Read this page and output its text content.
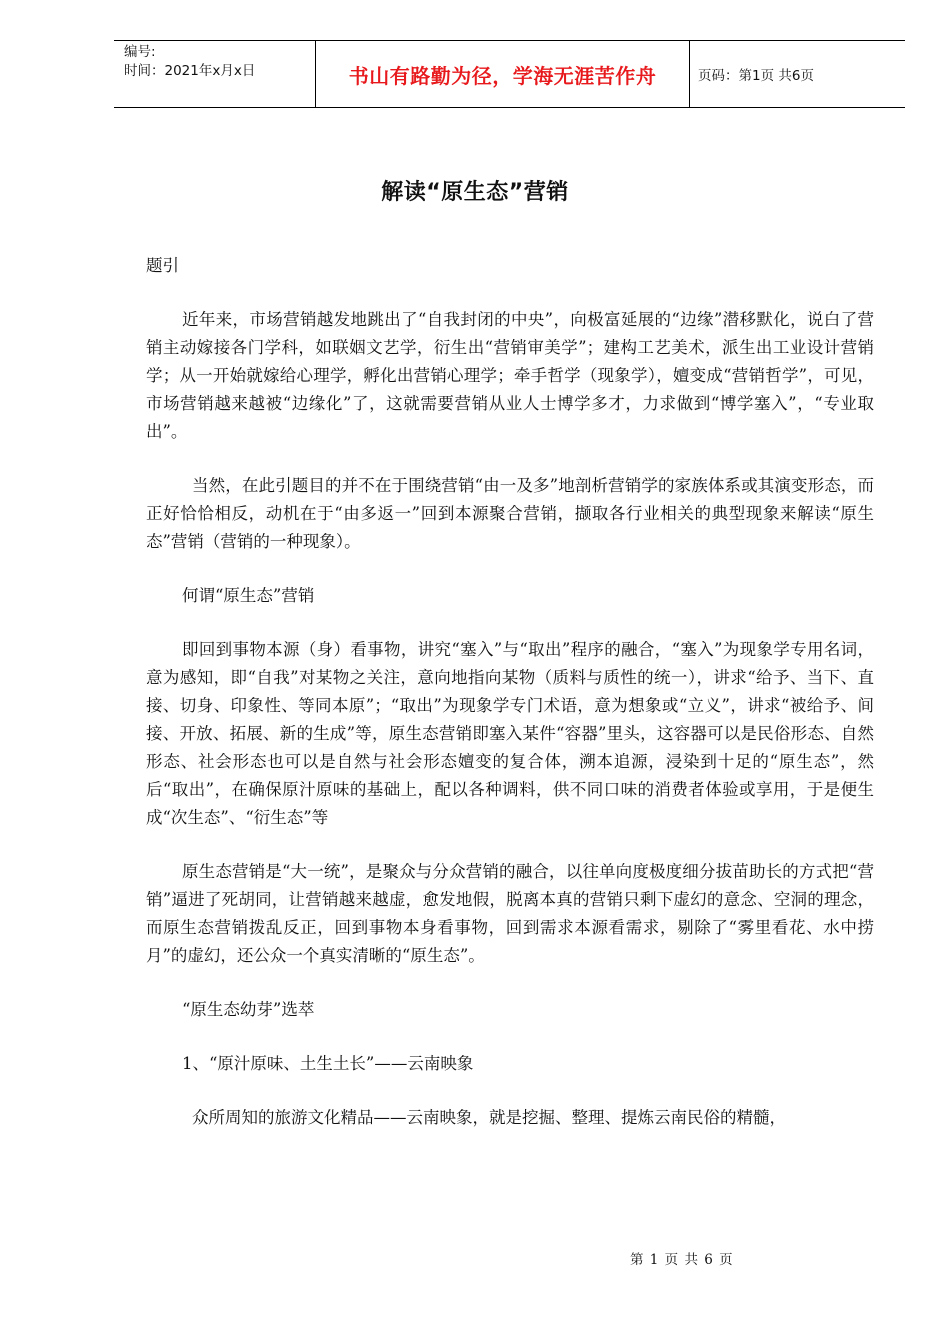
编号:
时间：2021年x月x日	书山有路勤为径，学海无涯苦作舟	页码：第1页 共6页
解读“原生态”营销

题引

近年来，市场营销越发地跳出了“自我封闭的中央”，向极富延展的“边缘”潜移默化，说白了营销主动嫁接各门学科，如联姻文艺学，衍生出“营销审美学”；建构工艺美术，派生出工业设计营销学；从一开始就嫁给心理学，孵化出营销心理学；牵手哲学（现象学），嬗变成“营销哲学”，可见，市场营销越来越被“边缘化”了，这就需要营销从业人士博学多才，力求做到“博学塞入”，“专业取出”。

当然，在此引题目的并不在于围绕营销“由一及多”地剖析营销学的家族体系或其演变形态，而正好恰恰相反，动机在于“由多返一”回到本源聚合营销，撷取各行业相关的典型现象来解读“原生态”营销（营销的一种现象）。

何谓“原生态”营销

即回到事物本源（身）看事物，讲究“塞入”与“取出”程序的融合，“塞入”为现象学专用名词，意为感知，即“自我”对某物之关注，意向地指向某物（质料与质性的统一），讲求“给予、当下、直接、切身、印象性、等同本原”；“取出”为现象学专门术语，意为想象或“立义”，讲求“被给予、间接、开放、拓展、新的生成”等，原生态营销即塞入某件“容器”里头，这容器可以是民俗形态、自然形态、社会形态也可以是自然与社会形态嬗变的复合体，溯本追源，浸染到十足的“原生态”，然后“取出”，在确保原汁原味的基础上，配以各种调料，供不同口味的消费者体验或享用，于是便生成“次生态”、“衍生态”等

原生态营销是“大一统”，是聚众与分众营销的融合，以往单向度极度细分拔苗助长的方式把“营销”逼进了死胡同，让营销越来越虚，愈发地假，脱离本真的营销只剩下虚幻的意念、空洞的理念，而原生态营销拨乱反正，回到事物本身看事物，回到需求本源看需求，剔除了“雾里看花、水中捞月”的虚幻，还公众一个真实清晰的“原生态”。

“原生态幼芽”选萃

1、“原汁原味、土生土长”——云南映象

众所周知的旅游文化精品——云南映象，就是挖掘、整理、提炼云南民俗的精髓，

第 1 页 共 6 页
